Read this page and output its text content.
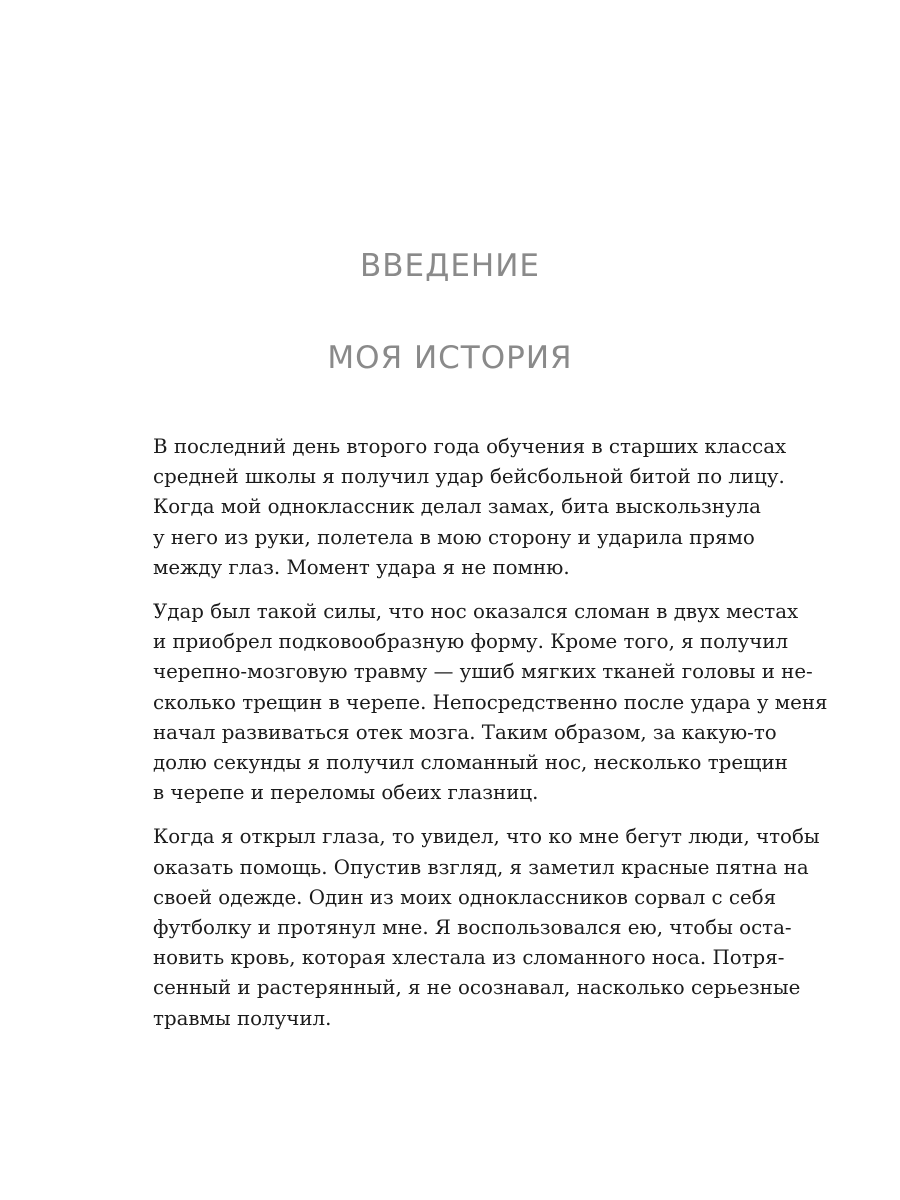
ВВЕДЕНИЕ
МОЯ ИСТОРИЯ

В последний день второго года обучения в старших классах
средней школы я получил удар бейсбольной битой по лицу.
Когда мой одноклассник делал замах, бита выскользнула
у него из руки, полетела в мою сторону и ударила прямо
между глаз. Момент удара я не помню.

Удар был такой силы, что нос оказался сломан в двух местах
и приобрел подковообразную форму. Кроме того, я получил
черепно-мозговую травму — ушиб мягких тканей головы и не-
сколько трещин в черепе. Непосредственно после удара у меня
начал развиваться отек мозга. Таким образом, за какую-то
долю секунды я получил сломанный нос, несколько трещин
в черепе и переломы обеих глазниц.

Когда я открыл глаза, то увидел, что ко мне бегут люди, чтобы
оказать помощь. Опустив взгляд, я заметил красные пятна на
своей одежде. Один из моих одноклассников сорвал с себя
футболку и протянул мне. Я воспользовался ею, чтобы оста-
новить кровь, которая хлестала из сломанного носа. Потря-
сенный и растерянный, я не осознавал, насколько серьезные
травмы получил.
